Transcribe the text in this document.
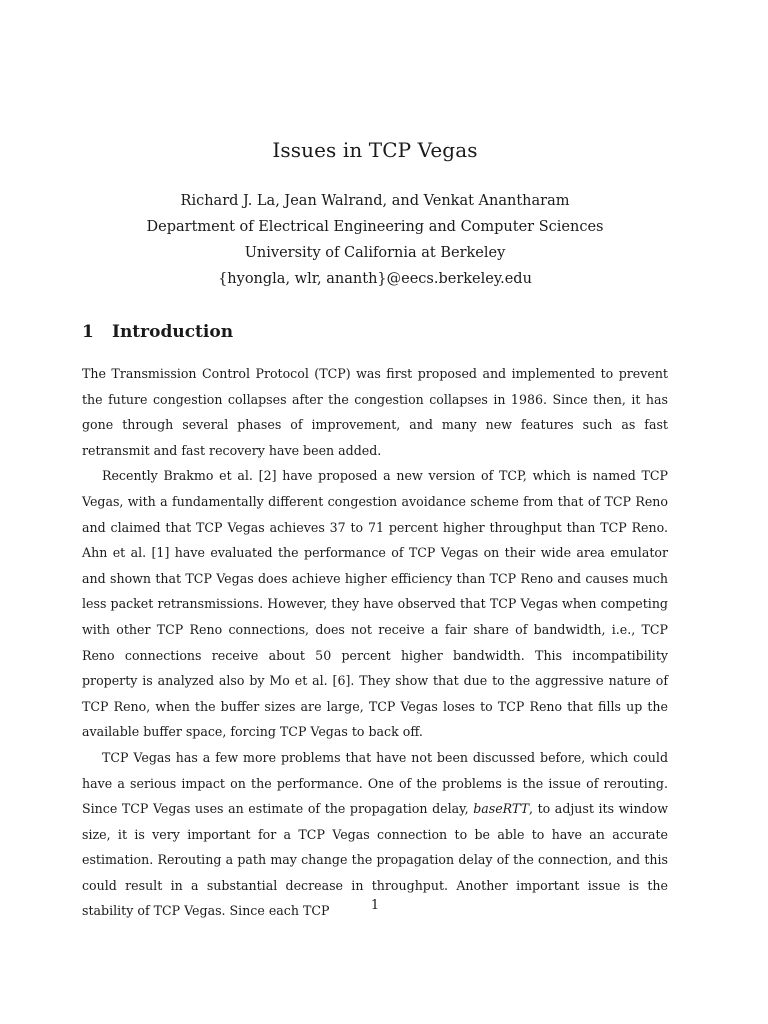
Issues in TCP Vegas
Richard J. La, Jean Walrand, and Venkat Anantharam
Department of Electrical Engineering and Computer Sciences
University of California at Berkeley
{hyongla, wlr, ananth}@eecs.berkeley.edu
1 Introduction

The Transmission Control Protocol (TCP) was first proposed and implemented to prevent the future congestion collapses after the congestion collapses in 1986. Since then, it has gone through several phases of improvement, and many new features such as fast retransmit and fast recovery have been added.

Recently Brakmo et al. [2] have proposed a new version of TCP, which is named TCP Vegas, with a fundamentally different congestion avoidance scheme from that of TCP Reno and claimed that TCP Vegas achieves 37 to 71 percent higher throughput than TCP Reno. Ahn et al. [1] have evaluated the performance of TCP Vegas on their wide area emulator and shown that TCP Vegas does achieve higher efficiency than TCP Reno and causes much less packet retransmissions. However, they have observed that TCP Vegas when competing with other TCP Reno connections, does not receive a fair share of bandwidth, i.e., TCP Reno connections receive about 50 percent higher bandwidth. This incompatibility property is analyzed also by Mo et al. [6]. They show that due to the aggressive nature of TCP Reno, when the buffer sizes are large, TCP Vegas loses to TCP Reno that fills up the available buffer space, forcing TCP Vegas to back off.

TCP Vegas has a few more problems that have not been discussed before, which could have a serious impact on the performance. One of the problems is the issue of rerouting. Since TCP Vegas uses an estimate of the propagation delay, baseRTT, to adjust its window size, it is very important for a TCP Vegas connection to be able to have an accurate estimation. Rerouting a path may change the propagation delay of the connection, and this could result in a substantial decrease in throughput. Another important issue is the stability of TCP Vegas. Since each TCP	1
